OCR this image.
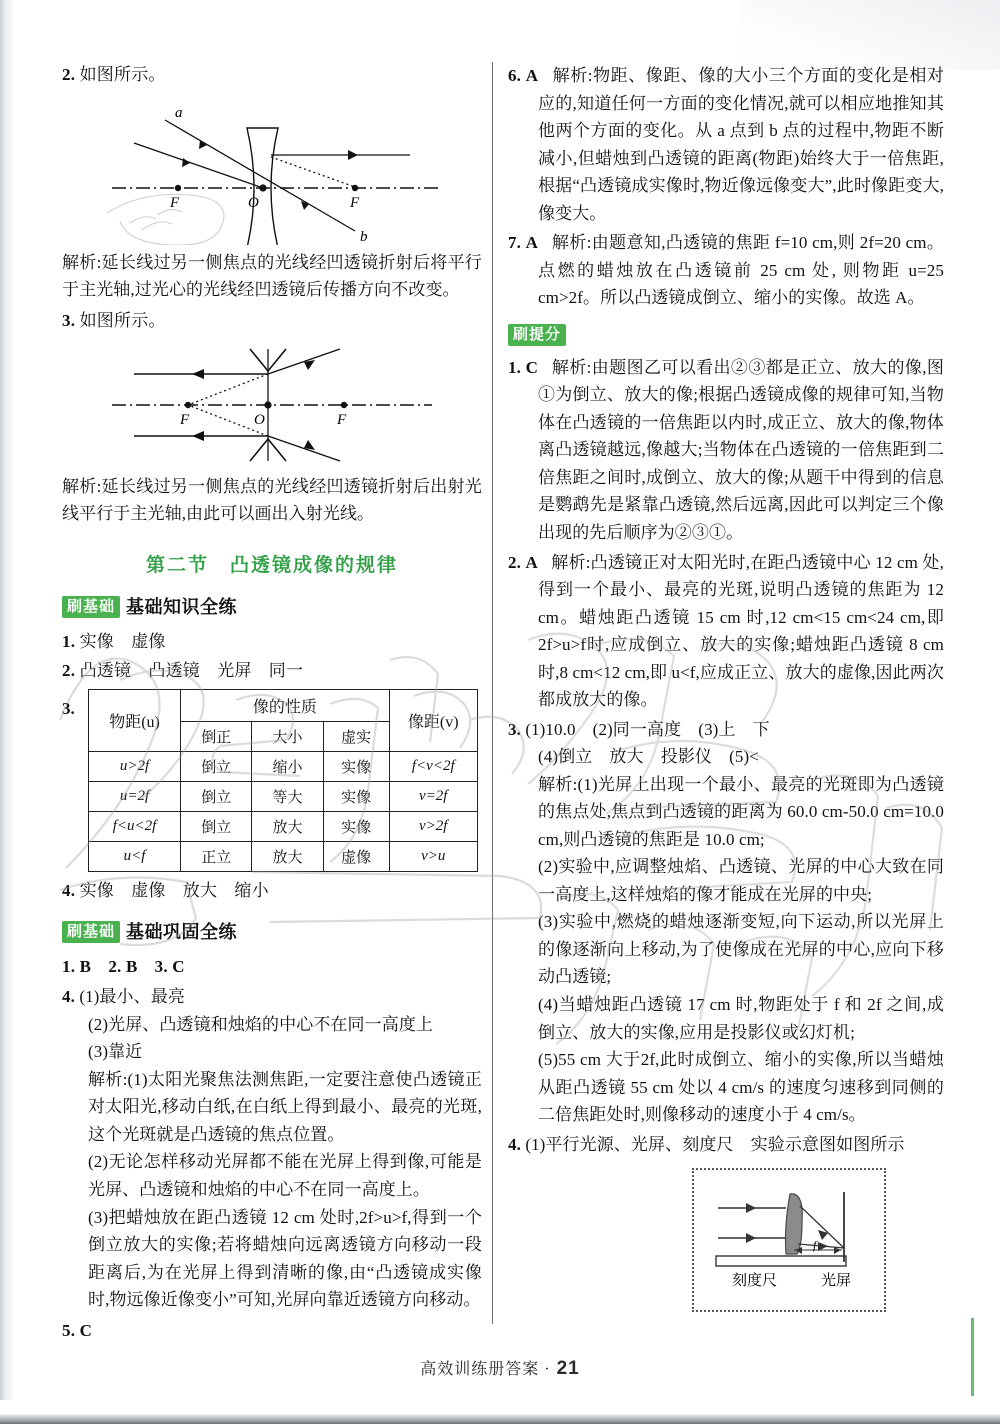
2. 如图所示。
F	F
O
a
b
解析:延长线过另一侧焦点的光线经凹透镜折射后将平行于主光轴,过光心的光线经凹透镜后传播方向不改变。
3. 如图所示。
F	O	F
解析:延长线过另一侧焦点的光线经凹透镜折射后出射光线平行于主光轴,由此可以画出入射光线。
第二节　凸透镜成像的规律
刷基础 基础知识全练
1. 实像　虚像
2. 凸透镜　凸透镜　光屏　同一
3.
物距(u)	像的性质			像距(v)
	倒正	大小	虚实	
u>2f	倒立	缩小	实像	f<v<2f
u=2f	倒立	等大	实像	v=2f
f<u<2f	倒立	放大	实像	v>2f
u<f	正立	放大	虚像	v>u
4. 实像　虚像　放大　缩小
刷基础 基础巩固全练
1. B　2. B　3. C
4. (1)最小、最亮
(2)光屏、凸透镜和烛焰的中心不在同一高度上
(3)靠近
解析:(1)太阳光聚焦法测焦距,一定要注意使凸透镜正对太阳光,移动白纸,在白纸上得到最小、最亮的光斑,这个光斑就是凸透镜的焦点位置。
(2)无论怎样移动光屏都不能在光屏上得到像,可能是光屏、凸透镜和烛焰的中心不在同一高度上。
(3)把蜡烛放在距凸透镜 12 cm 处时,2f>u>f,得到一个倒立放大的实像;若将蜡烛向远离透镜方向移动一段距离后,为在光屏上得到清晰的像,由“凸透镜成实像时,物远像近像变小”可知,光屏向靠近透镜方向移动。
5. C
6. A 解析:物距、像距、像的大小三个方面的变化是相对应的,知道任何一方面的变化情况,就可以相应地推知其他两个方面的变化。从 a 点到 b 点的过程中,物距不断减小,但蜡烛到凸透镜的距离(物距)始终大于一倍焦距,根据“凸透镜成实像时,物近像远像变大”,此时像距变大,像变大。
7. A 解析:由题意知,凸透镜的焦距 f=10 cm,则 2f=20 cm。点燃的蜡烛放在凸透镜前 25 cm 处, 则物距 u=25 cm>2f。所以凸透镜成倒立、缩小的实像。故选 A。
刷提分
1. C 解析:由题图乙可以看出②③都是正立、放大的像,图①为倒立、放大的像;根据凸透镜成像的规律可知,当物体在凸透镜的一倍焦距以内时,成正立、放大的像,物体离凸透镜越远,像越大;当物体在凸透镜的一倍焦距到二倍焦距之间时,成倒立、放大的像;从题干中得到的信息是鹦鹉先是紧靠凸透镜,然后远离,因此可以判定三个像出现的先后顺序为②③①。
2. A 解析:凸透镜正对太阳光时,在距凸透镜中心 12 cm 处,得到一个最小、最亮的光斑,说明凸透镜的焦距为 12 cm。蜡烛距凸透镜 15 cm 时,12 cm<15 cm<24 cm,即 2f>u>f时,应成倒立、放大的实像;蜡烛距凸透镜 8 cm 时,8 cm<12 cm,即 u<f,应成正立、放大的虚像,因此两次都成放大的像。
3. (1)10.0　(2)同一高度　(3)上　下
(4)倒立　放大　投影仪　(5)<
解析:(1)光屏上出现一个最小、最亮的光斑即为凸透镜的焦点处,焦点到凸透镜的距离为 60.0 cm-50.0 cm=10.0 cm,则凸透镜的焦距是 10.0 cm;
(2)实验中,应调整烛焰、凸透镜、光屏的中心大致在同一高度上,这样烛焰的像才能成在光屏的中央;
(3)实验中,燃烧的蜡烛逐渐变短,向下运动,所以光屏上的像逐渐向上移动,为了使像成在光屏的中心,应向下移动凸透镜;
(4)当蜡烛距凸透镜 17 cm 时,物距处于 f 和 2f 之间,成倒立、放大的实像,应用是投影仪或幻灯机;
(5)55 cm 大于2f,此时成倒立、缩小的实像,所以当蜡烛从距凸透镜 55 cm 处以 4 cm/s 的速度匀速移到同侧的二倍焦距处时,则像移动的速度小于 4 cm/s。
4. (1)平行光源、光屏、刻度尺　实验示意图如图所示
f
刻度尺	光屏
高效训练册答案 · 21
